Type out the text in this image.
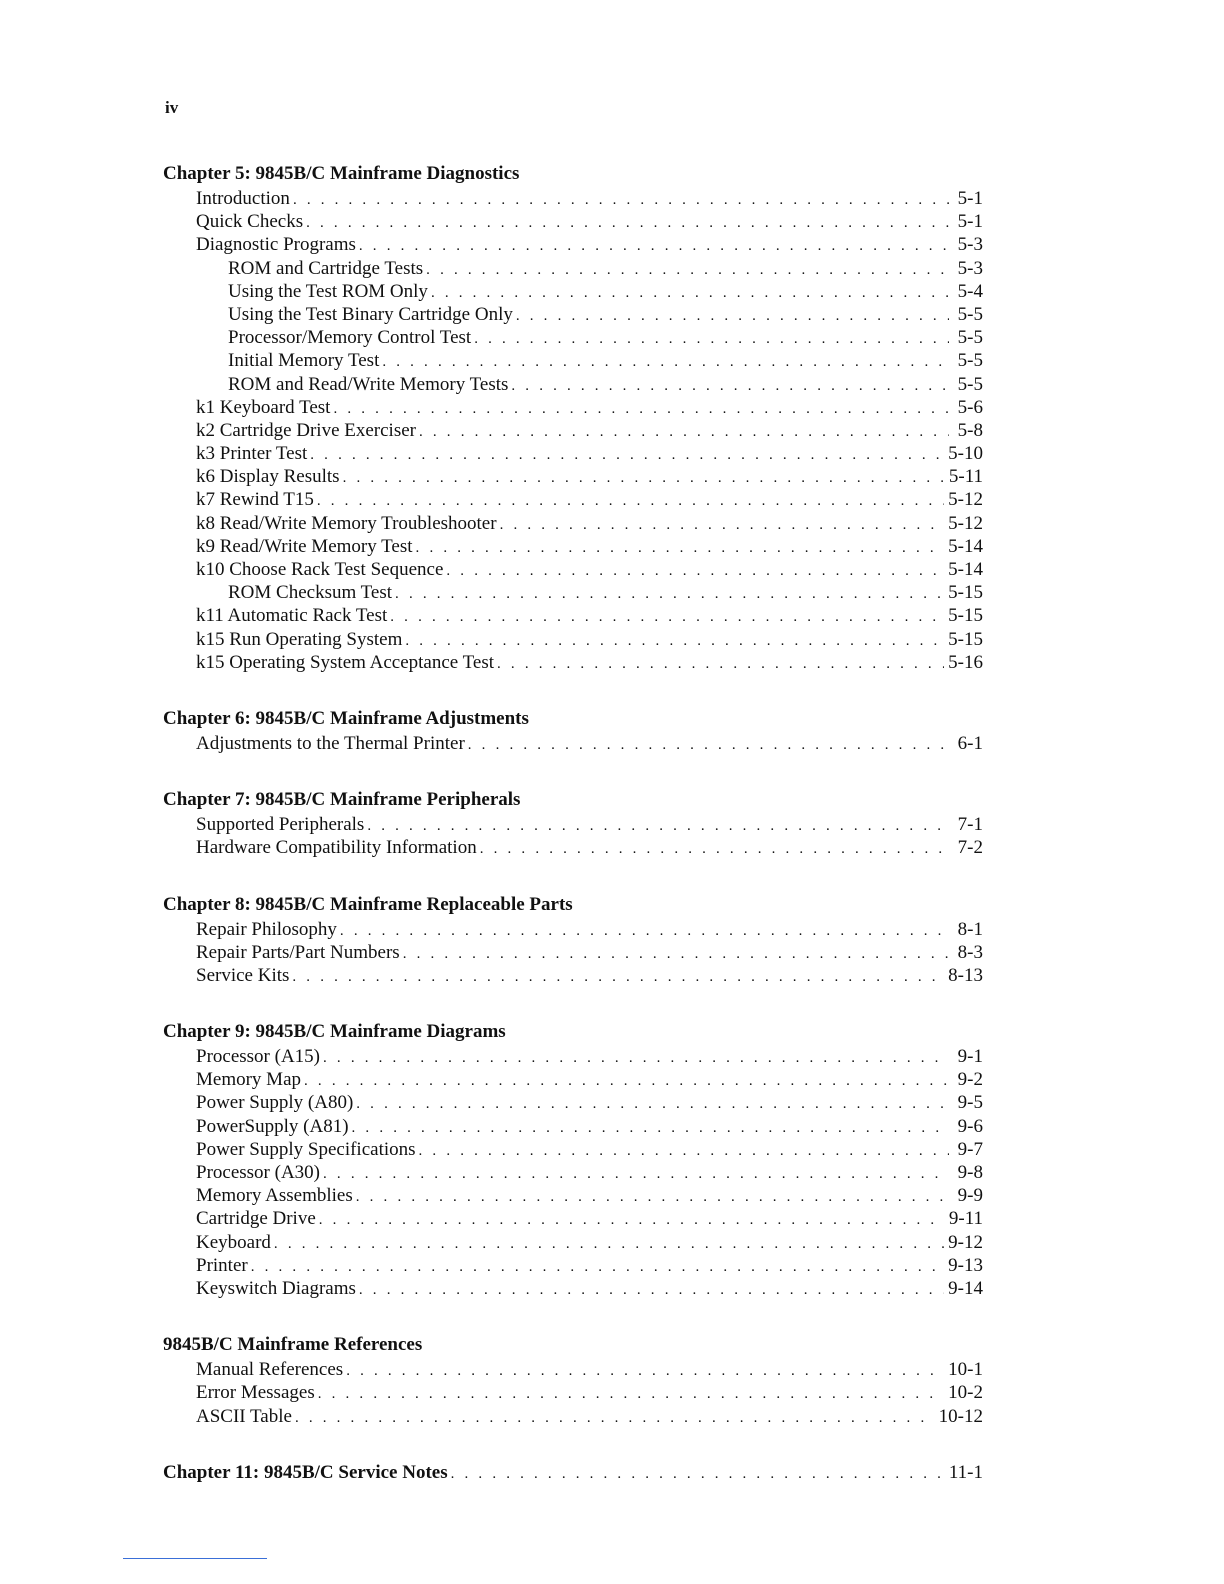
iv
Chapter 5: 9845B/C Mainframe Diagnostics
Introduction . . .	5-1
Quick Checks . . .	5-1
Diagnostic Programs . . .	5-3
ROM and Cartridge Tests . . .	5-3
Using the Test ROM Only . . .	5-4
Using the Test Binary Cartridge Only . . .	5-5
Processor/Memory Control Test . . .	5-5
Initial Memory Test . . .	5-5
ROM and Read/Write Memory Tests . . .	5-5
k1 Keyboard Test . . .	5-6
k2 Cartridge Drive Exerciser . . .	5-8
k3 Printer Test . . .	5-10
k6 Display Results . . .	5-11
k7 Rewind T15 . . .	5-12
k8 Read/Write Memory Troubleshooter . . .	5-12
k9 Read/Write Memory Test . . .	5-14
k10 Choose Rack Test Sequence . . .	5-14
ROM Checksum Test . . .	5-15
k11 Automatic Rack Test . . .	5-15
k15 Run Operating System . . .	5-15
k15 Operating System Acceptance Test . . .	5-16
Chapter 6: 9845B/C Mainframe Adjustments
Adjustments to the Thermal Printer . . .	6-1
Chapter 7: 9845B/C Mainframe Peripherals
Supported Peripherals . . .	7-1
Hardware Compatibility Information . . .	7-2
Chapter 8: 9845B/C Mainframe Replaceable Parts
Repair Philosophy . . .	8-1
Repair Parts/Part Numbers . . .	8-3
Service Kits . . .	8-13
Chapter 9: 9845B/C Mainframe Diagrams
Processor (A15) . . .	9-1
Memory Map . . .	9-2
Power Supply (A80) . . .	9-5
PowerSupply (A81) . . .	9-6
Power Supply Specifications . . .	9-7
Processor (A30) . . .	9-8
Memory Assemblies . . .	9-9
Cartridge Drive . . .	9-11
Keyboard . . .	9-12
Printer . . .	9-13
Keyswitch Diagrams . . .	9-14
9845B/C Mainframe References
Manual References . . .	10-1
Error Messages . . .	10-2
ASCII Table . . .	10-12
Chapter 11: 9845B/C Service Notes . . .	11-1
